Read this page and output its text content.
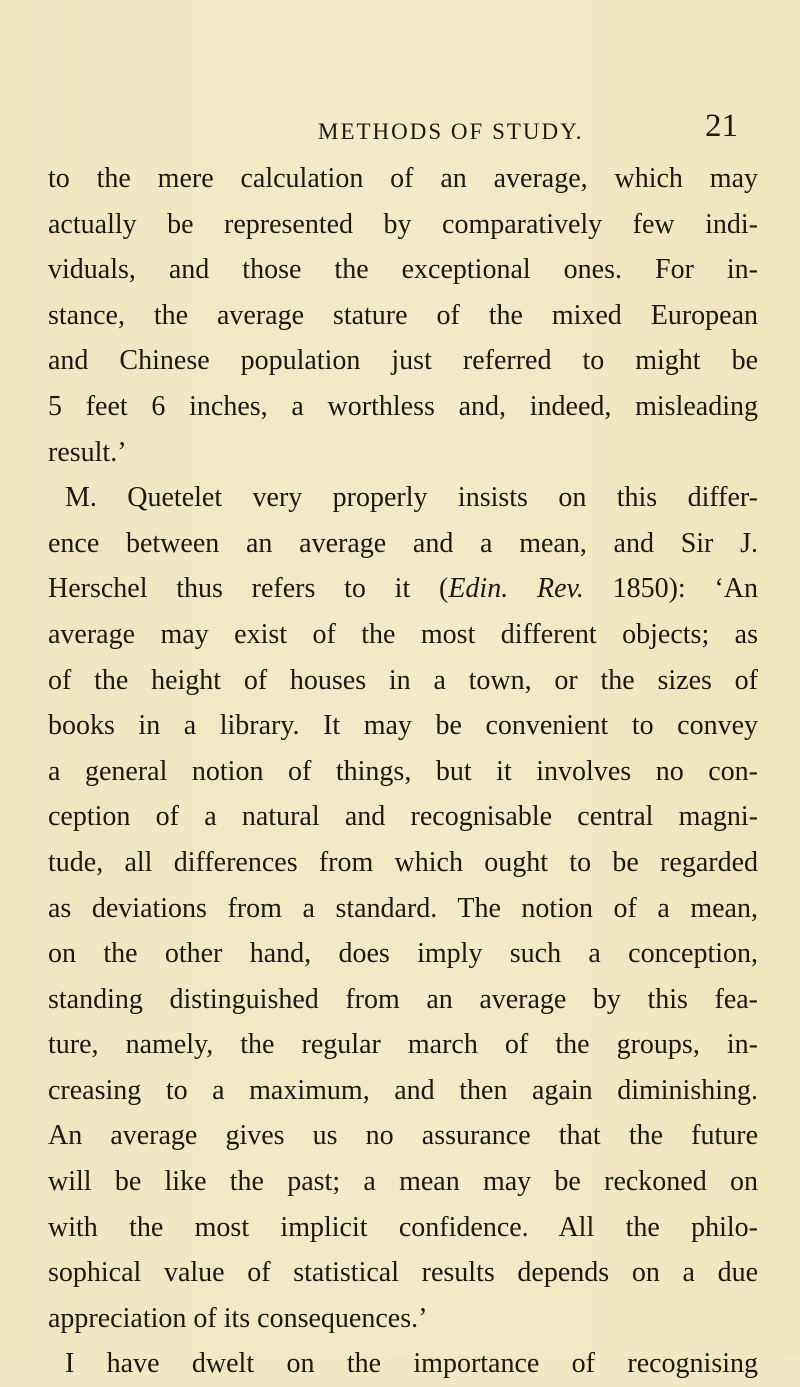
METHODS OF STUDY.	21
to the mere calculation of an average, which may
actually be represented by comparatively few indi-
viduals, and those the exceptional ones. For in-
stance, the average stature of the mixed European
and Chinese population just referred to might be
5 feet 6 inches, a worthless and, indeed, misleading
result.’
M. Quetelet very properly insists on this differ-
ence between an average and a mean, and Sir J.
Herschel thus refers to it (Edin. Rev. 1850): ‘An
average may exist of the most different objects; as
of the height of houses in a town, or the sizes of
books in a library. It may be convenient to convey
a general notion of things, but it involves no con-
ception of a natural and recognisable central magni-
tude, all differences from which ought to be regarded
as deviations from a standard. The notion of a mean,
on the other hand, does imply such a conception,
standing distinguished from an average by this fea-
ture, namely, the regular march of the groups, in-
creasing to a maximum, and then again diminishing.
An average gives us no assurance that the future
will be like the past; a mean may be reckoned on
with the most implicit confidence. All the philo-
sophical value of statistical results depends on a due
appreciation of its consequences.’
I have dwelt on the importance of recognising
